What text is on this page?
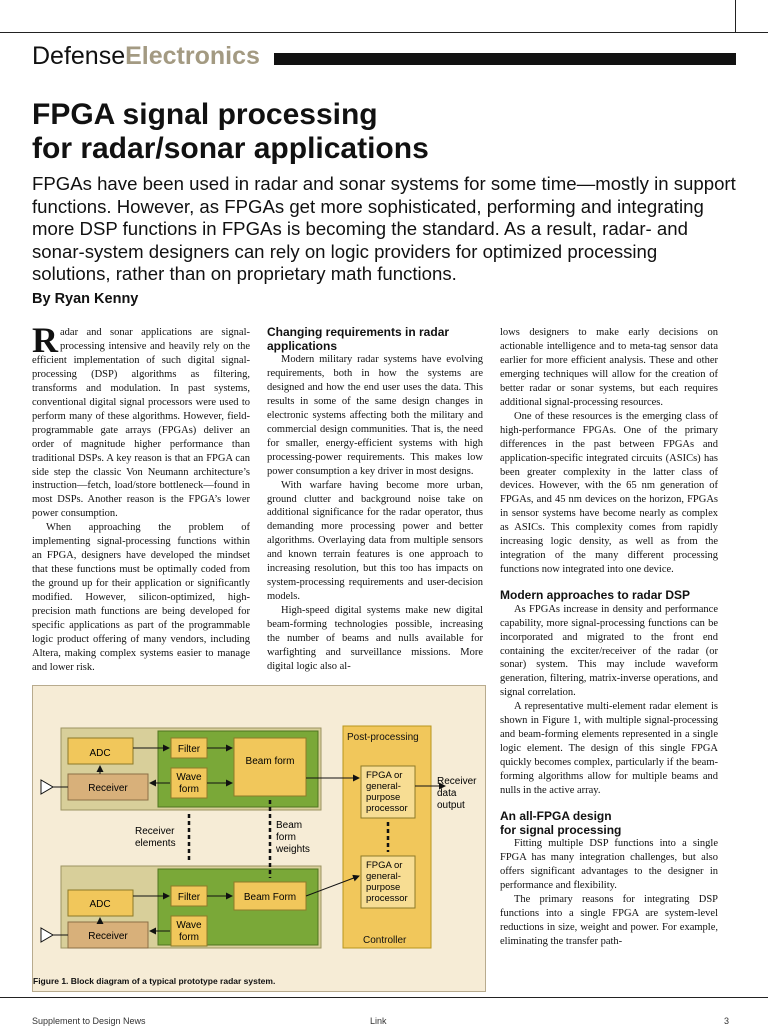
Defense Electronics
FPGA signal processing
for radar/sonar applications
FPGAs have been used in radar and sonar systems for some time—mostly in support functions. However, as FPGAs get more sophisticated, performing and integrating more DSP functions in FPGAs is becoming the standard. As a result, radar- and sonar-system designers can rely on logic providers for optimized processing solutions, rather than on proprietary math functions.
By Ryan Kenny

Radar and sonar applications are signal-processing intensive and heavily rely on the efficient implementation of such digital signal-processing (DSP) algorithms as filtering, transforms and modulation. In past systems, conventional digital signal processors were used to perform many of these algorithms. However, field-programmable gate arrays (FPGAs) deliver an order of magnitude higher performance than traditional DSPs. A key reason is that an FPGA can side step the classic Von Neumann architecture’s instruction—fetch, load/store bottleneck—found in most DSPs. Another reason is the FPGA’s lower power consumption.

When approaching the problem of implementing signal-processing functions within an FPGA, designers have developed the mindset that these functions must be optimally coded from the ground up for their application or significantly modified. However, silicon-optimized, high-precision math functions are being developed for specific applications as part of the programmable logic product offering of many vendors, including Altera, making complex systems easier to manage and lower risk.

Changing requirements in radar applications

Modern military radar systems have evolving requirements, both in how the systems are designed and how the end user uses the data. This results in some of the same design changes in electronic systems affecting both the military and commercial design communities. That is, the need for smaller, energy-efficient systems with high processing-power requirements. This makes low power consumption a key driver in most designs.

With warfare having become more urban, ground clutter and background noise take on additional significance for the radar operator, thus demanding more processing power and better algorithms. Overlaying data from multiple sensors and known terrain features is one approach to increasing resolution, but this too has impacts on system-processing requirements and user-decision models.

High-speed digital systems make new digital beam-forming technologies possible, increasing the number of beams and nulls available for warfighting and surveillance missions. More digital logic also al-

lows designers to make early decisions on actionable intelligence and to meta-tag sensor data earlier for more efficient analysis. These and other emerging techniques will allow for the creation of better radar or sonar systems, but each requires additional signal-processing resources.

One of these resources is the emerging class of high-performance FPGAs. One of the primary differences in the past between FPGAs and application-specific integrated circuits (ASICs) has been greater complexity in the latter class of devices. However, with the 65 nm generation of FPGAs, and 45 nm devices on the horizon, FPGAs in sensor systems have become nearly as complex as ASICs. This complexity comes from rapidly increasing logic density, as well as from the integration of the many different processing functions now integrated into one device.

Modern approaches to radar DSP

As FPGAs increase in density and performance capability, more signal-processing functions can be incorporated and migrated to the front end containing the exciter/receiver of the radar (or sonar) system. This may include waveform generation, filtering, matrix-inverse operations, and signal correlation.

A representative multi-element radar element is shown in Figure 1, with multiple signal-processing and beam-forming elements represented in a single logic element. The design of this single FPGA quickly becomes complex, particularly if the beam-forming algorithms allow for multiple beams and nulls in the active array.

An all-FPGA design
for signal processing

Fitting multiple DSP functions into a single FPGA has many integration challenges, but also offers significant advantages to the designer in performance and flexibility.

The primary reasons for integrating DSP functions into a single FPGA are system-level reductions in size, weight and power. For example, eliminating the transfer path-

Post-processing
Controller
ADC
Receiver
Filter
Wave
form
Beam form
ADC
Receiver
Filter
Wave
form
Beam Form
FPGA or
general-
purpose
processor
FPGA or
general-
purpose
processor
Receiver
elements
Beam
form
weights
Receiver
data
output
Figure 1. Block diagram of a typical prototype radar system.
Supplement to Design News	Link	3
